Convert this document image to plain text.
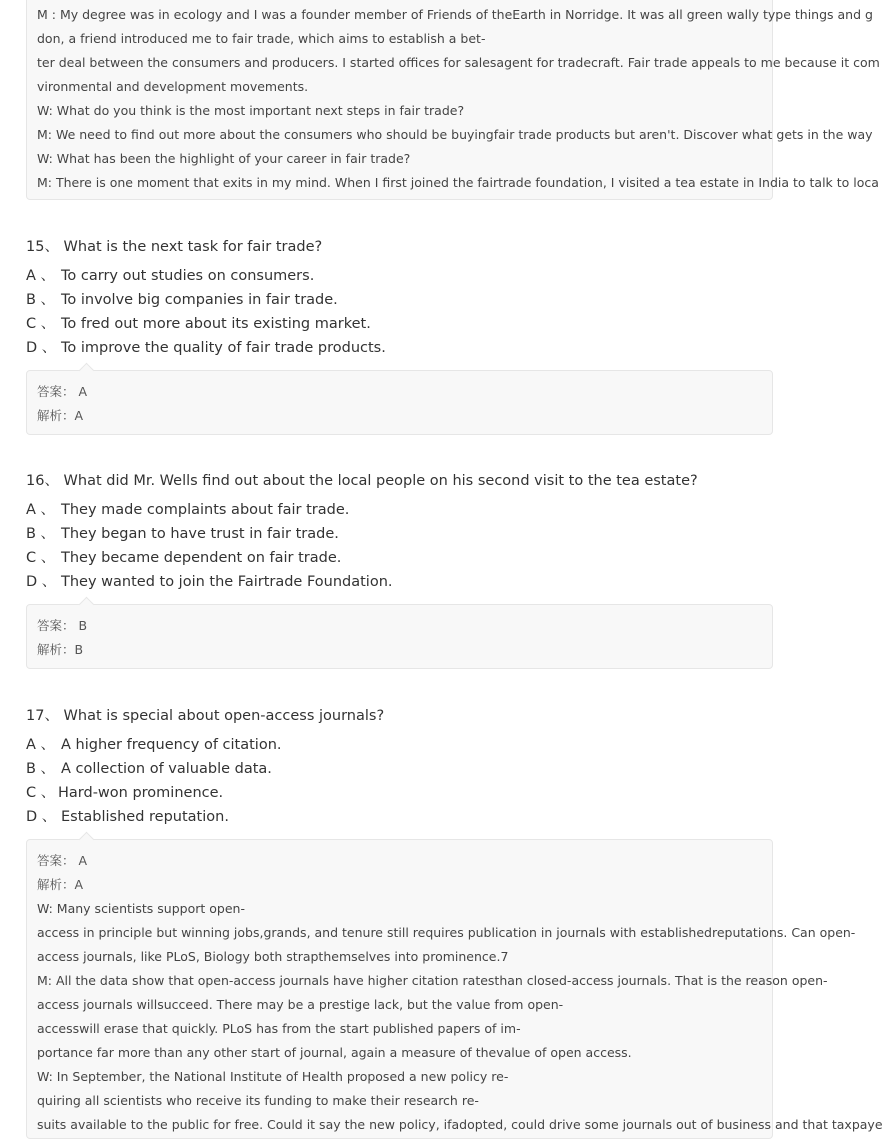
M : My degree was in ecology and I was a founder member of Friends of theEarth in Norridge. It was all green wally type things and g
don, a friend introduced me to fair trade, which aims to establish a bet-
ter deal between the consumers and producers. I started offices for salesagent for tradecraft. Fair trade appeals to me because it com
vironmental and development movements.
W: What do you think is the most important next steps in fair trade?
M: We need to find out more about the consumers who should be buyingfair trade products but aren't. Discover what gets in the way
W: What has been the highlight of your career in fair trade?
M: There is one moment that exits in my mind. When I first joined the fairtrade foundation, I visited a tea estate in India to talk to loca
15、 What is the next task for fair trade?
A 、 To carry out studies on consumers.
B 、 To involve big companies in fair trade.
C 、 To fred out more about its existing market.
D 、 To improve the quality of fair trade products.
答案： A
解析：A
16、 What did Mr. Wells find out about the local people on his second visit to the tea estate?
A 、 They made complaints about fair trade.
B 、 They began to have trust in fair trade.
C 、 They became dependent on fair trade.
D 、 They wanted to join the Fairtrade Foundation.
答案： B
解析：B
17、 What is special about open-access journals?
A 、 A higher frequency of citation.
B 、 A collection of valuable data.
C 、 Hard-won prominence.
D 、 Established reputation.
答案： A
解析：A
W: Many scientists support open-
access in principle but winning jobs,grands, and tenure still requires publication in journals with establishedreputations. Can open-
access journals, like PLoS, Biology both strapthemselves into prominence.7
M: All the data show that open-access journals have higher citation ratesthan closed-access journals. That is the reason open-
access journals willsucceed. There may be a prestige lack, but the value from open-
accesswill erase that quickly. PLoS has from the start published papers of im-
portance far more than any other start of journal, again a measure of thevalue of open access.
W: In September, the National Institute of Health proposed a new policy re-
quiring all scientists who receive its funding to make their research re-
suits available to the public for free. Could it say the new policy, ifadopted, could drive some journals out of business and that taxpaye
